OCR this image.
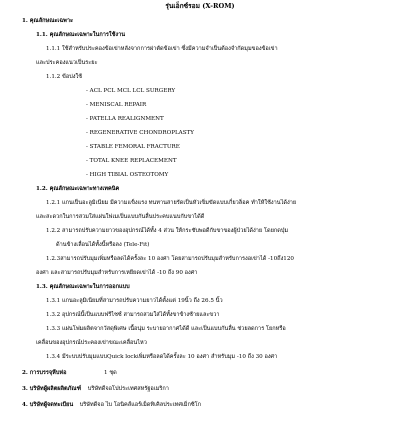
รุ่นเอ็กซ์รอม (X-ROM)
1. คุณลักษณะเฉพาะ
1.1. คุณลักษณะเฉพาะในการใช้งาน
1.1.1 ใช้สำหรับประคองข้อเข่าหลังจากการผ่าตัดข้อเข่า ซึ่งมีความจำเป็นต้องจำกัดมุมของข้อเข่า
และประคองแนวเป็นระยะ
1.1.2 ข้อบ่งใช้
- ACL PCL MCL LCL SURGERY
- MENISCAL REPAIR
- PATELLA REALIGNMENT
- REGENERATIVE CHONDROPLASTY
- STABLE FEMORAL FRACTURE
- TOTAL KNEE REPLACEMENT
- HIGH TIBIAL OSTEOTOMY
1.2. คุณลักษณะเฉพาะทางเทคนิค
1.2.1 แกนเป็นอะลูมิเนียม มีความแข็งแรง ทนทานสายรัดเป็นหัวเข็มขัดแบบเกี่ยวล็อค ทำให้ใช้งานได้ง่าย
และสะดวกในการสวมใส่แผ่นใฟเมเป็นแบบกันลื่นประคบแนบกับขาได้ดี
1.2.2 สามารถปรับความยาวของอุปกรณ์ได้ทั้ง 4 ส่วน ให้กระชับพอดีกับขาของผู้ป่วยได้ง่าย โดยกดปุ่ม
ด้านข้างเลื่อนได้ทั้งนี้หรือลง (Tele-Fit)
1.2.3สามารถปรับมุมเพิ่มหรือลดได้ครั้งละ 10 องศา โดยสามารถปรับมุมสำหรับการงอเข่าได้ -10ถึง120
องศา และสามารถปรับมุมสำหรับการเหยียดเข่าได้ -10 ถึง 90 องศา
1.3. คุณลักษณะเฉพาะในการออกแบบ
1.3.1 แกนอะลูมิเนียมที่สามารถปรับความยาวได้ตั้งแต่ 19นิ้ว ถึง 26.5 นิ้ว
1.3.2 อุปกรณ์นี้เป็นแบบฟรีไซซ์ สามารถสวมใส่ได้ทั้งขาข้างซ้ายและขวา
1.3.3 แผ่นโฟมผลิตจากวัสดุพิเศษ เนื้อนุ่ม ระบายอากาศได้ดี และเป็นแบบกันลื่น ช่วยลดการ โยกหรือ
เคลื่อนของอุปกรณ์ประคองเข่าขณะเคลื่อนไหว
1.3.4 มีระบบปรับมุมแบบQuick lockเพิ่มหรือลดได้ครั้งละ 10 องศา สำหรับมุม -10 ถึง 30 องศา
2. การบรรจุหีบห่อ	1 ชุด
3. บริษัทผู้ผลิตผลิตภัณฑ์ บริษัทดีจอโปประเทศสหรัฐอเมริกา
4. บริษัทผู้จดทะเบียน บริษัทดีจอ ไบ โอนิคส์แอร์เม็ดทิเคิลประเทศเม็กซิโก
